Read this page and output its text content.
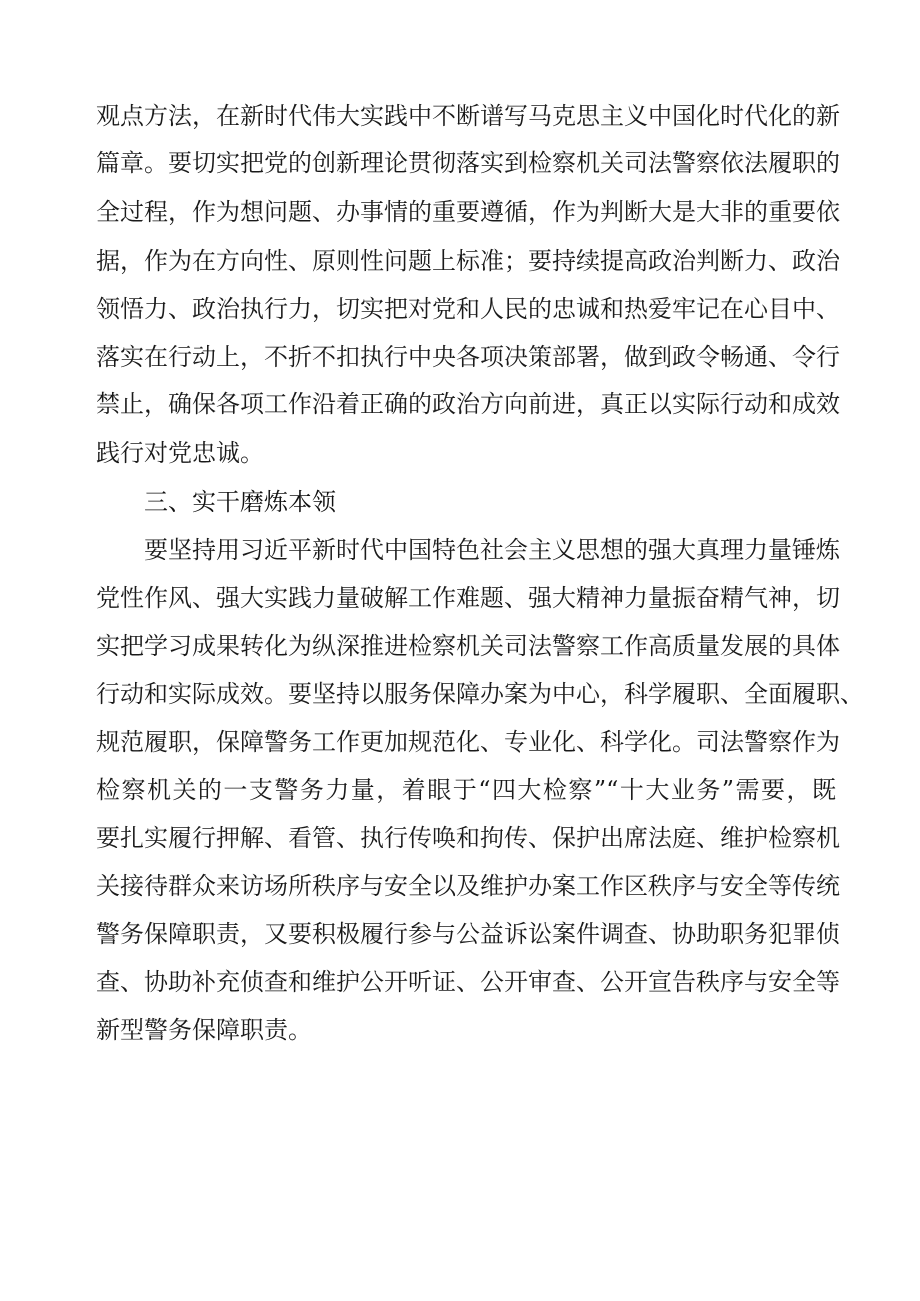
观点方法，在新时代伟大实践中不断谱写马克思主义中国化时代化的新
篇章。要切实把党的创新理论贯彻落实到检察机关司法警察依法履职的
全过程，作为想问题、办事情的重要遵循，作为判断大是大非的重要依
据，作为在方向性、原则性问题上标准；要持续提高政治判断力、政治
领悟力、政治执行力，切实把对党和人民的忠诚和热爱牢记在心目中、
落实在行动上，不折不扣执行中央各项决策部署，做到政令畅通、令行
禁止，确保各项工作沿着正确的政治方向前进，真正以实际行动和成效
践行对党忠诚。
三、实干磨炼本领
要坚持用习近平新时代中国特色社会主义思想的强大真理力量锤炼
党性作风、强大实践力量破解工作难题、强大精神力量振奋精气神，切
实把学习成果转化为纵深推进检察机关司法警察工作高质量发展的具体
行动和实际成效。要坚持以服务保障办案为中心，科学履职、全面履职、
规范履职，保障警务工作更加规范化、专业化、科学化。司法警察作为
检察机关的一支警务力量，着眼于“四大检察”“十大业务”需要，既
要扎实履行押解、看管、执行传唤和拘传、保护出席法庭、维护检察机
关接待群众来访场所秩序与安全以及维护办案工作区秩序与安全等传统
警务保障职责，又要积极履行参与公益诉讼案件调查、协助职务犯罪侦
查、协助补充侦查和维护公开听证、公开审查、公开宣告秩序与安全等
新型警务保障职责。
